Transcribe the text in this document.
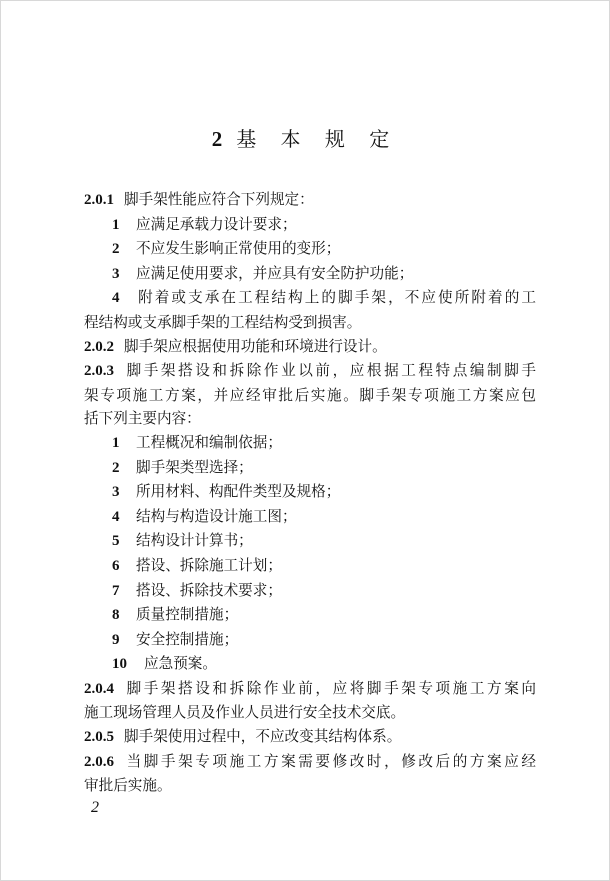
2 基 本 规 定

2.0.1 脚手架性能应符合下列规定：

1 应满足承载力设计要求；

2 不应发生影响正常使用的变形；

3 应满足使用要求，并应具有安全防护功能；

4 附着或支承在工程结构上的脚手架，不应使所附着的工

程结构或支承脚手架的工程结构受到损害。

2.0.2 脚手架应根据使用功能和环境进行设计。

2.0.3 脚手架搭设和拆除作业以前，应根据工程特点编制脚手

架专项施工方案，并应经审批后实施。脚手架专项施工方案应包

括下列主要内容：

1 工程概况和编制依据；

2 脚手架类型选择；

3 所用材料、构配件类型及规格；

4 结构与构造设计施工图；

5 结构设计计算书；

6 搭设、拆除施工计划；

7 搭设、拆除技术要求；

8 质量控制措施；

9 安全控制措施；

10 应急预案。

2.0.4 脚手架搭设和拆除作业前，应将脚手架专项施工方案向

施工现场管理人员及作业人员进行安全技术交底。

2.0.5 脚手架使用过程中，不应改变其结构体系。

2.0.6 当脚手架专项施工方案需要修改时，修改后的方案应经

审批后实施。

2
